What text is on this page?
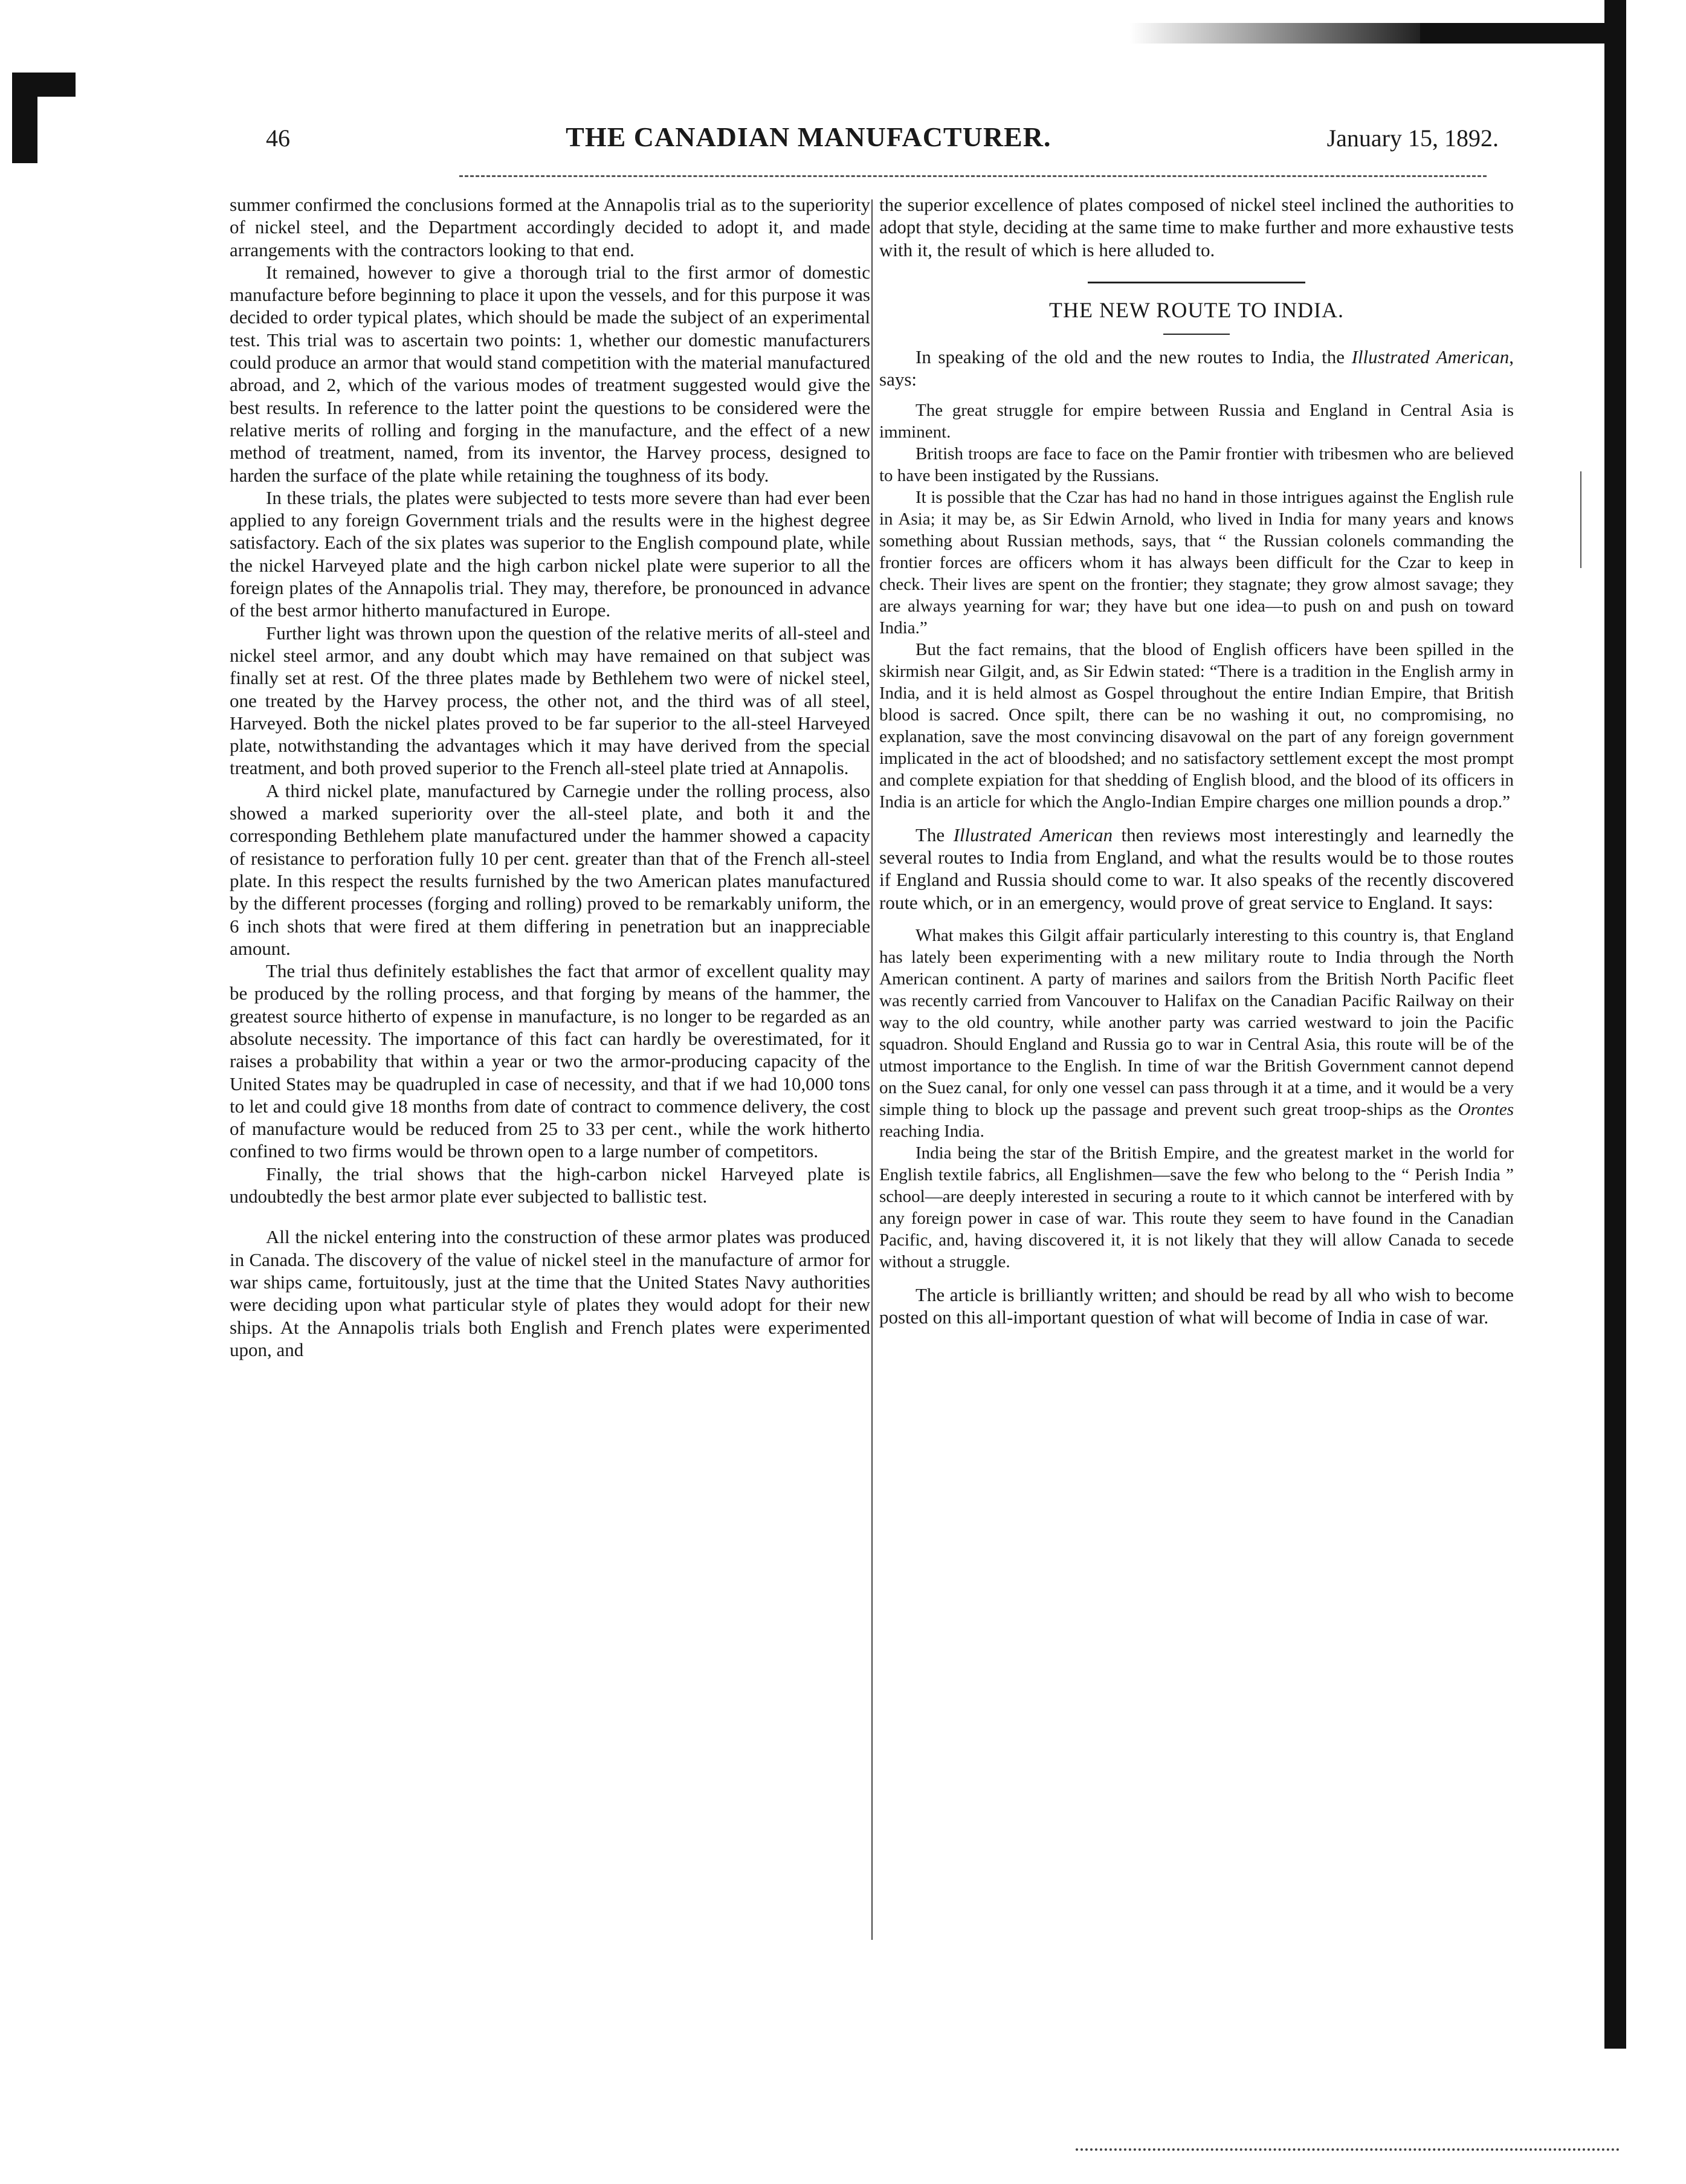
46	THE CANADIAN MANUFACTURER.	January 15, 1892.

summer confirmed the conclusions formed at the Annapolis trial as to the superiority of nickel steel, and the Department accordingly decided to adopt it, and made arrangements with the contractors looking to that end.

It remained, however to give a thorough trial to the first armor of domestic manufacture before beginning to place it upon the vessels, and for this purpose it was decided to order typical plates, which should be made the subject of an experimental test. This trial was to ascertain two points: 1, whether our domestic manufacturers could produce an armor that would stand competition with the material manufactured abroad, and 2, which of the various modes of treatment suggested would give the best results. In reference to the latter point the questions to be considered were the relative merits of rolling and forging in the manufacture, and the effect of a new method of treatment, named, from its inventor, the Harvey process, designed to harden the surface of the plate while retaining the toughness of its body.

In these trials, the plates were subjected to tests more severe than had ever been applied to any foreign Government trials and the results were in the highest degree satisfactory. Each of the six plates was superior to the English compound plate, while the nickel Harveyed plate and the high carbon nickel plate were superior to all the foreign plates of the Annapolis trial. They may, therefore, be pronounced in advance of the best armor hitherto manufactured in Europe.

Further light was thrown upon the question of the relative merits of all-steel and nickel steel armor, and any doubt which may have remained on that subject was finally set at rest. Of the three plates made by Bethlehem two were of nickel steel, one treated by the Harvey process, the other not, and the third was of all steel, Harveyed. Both the nickel plates proved to be far superior to the all-steel Harveyed plate, notwithstanding the advantages which it may have derived from the special treatment, and both proved superior to the French all-steel plate tried at Annapolis.

A third nickel plate, manufactured by Carnegie under the rolling process, also showed a marked superiority over the all-steel plate, and both it and the corresponding Bethlehem plate manufactured under the hammer showed a capacity of resistance to perforation fully 10 per cent. greater than that of the French all-steel plate. In this respect the results furnished by the two American plates manufactured by the different processes (forging and rolling) proved to be remarkably uniform, the 6 inch shots that were fired at them differing in penetration but an inappreciable amount.

The trial thus definitely establishes the fact that armor of excellent quality may be produced by the rolling process, and that forging by means of the hammer, the greatest source hitherto of expense in manufacture, is no longer to be regarded as an absolute necessity. The importance of this fact can hardly be overestimated, for it raises a probability that within a year or two the armor-producing capacity of the United States may be quadrupled in case of necessity, and that if we had 10,000 tons to let and could give 18 months from date of contract to commence delivery, the cost of manufacture would be reduced from 25 to 33 per cent., while the work hitherto confined to two firms would be thrown open to a large number of competitors.

Finally, the trial shows that the high-carbon nickel Harveyed plate is undoubtedly the best armor plate ever subjected to ballistic test.

All the nickel entering into the construction of these armor plates was produced in Canada. The discovery of the value of nickel steel in the manufacture of armor for war ships came, fortuitously, just at the time that the United States Navy authorities were deciding upon what particular style of plates they would adopt for their new ships. At the Annapolis trials both English and French plates were experimented upon, and

the superior excellence of plates composed of nickel steel inclined the authorities to adopt that style, deciding at the same time to make further and more exhaustive tests with it, the result of which is here alluded to.

THE NEW ROUTE TO INDIA.

In speaking of the old and the new routes to India, the Illustrated American, says:

The great struggle for empire between Russia and England in Central Asia is imminent.

British troops are face to face on the Pamir frontier with tribesmen who are believed to have been instigated by the Russians.

It is possible that the Czar has had no hand in those intrigues against the English rule in Asia; it may be, as Sir Edwin Arnold, who lived in India for many years and knows something about Russian methods, says, that “ the Russian colonels commanding the frontier forces are officers whom it has always been difficult for the Czar to keep in check. Their lives are spent on the frontier; they stagnate; they grow almost savage; they are always yearning for war; they have but one idea—to push on and push on toward India.”

But the fact remains, that the blood of English officers have been spilled in the skirmish near Gilgit, and, as Sir Edwin stated: “There is a tradition in the English army in India, and it is held almost as Gospel throughout the entire Indian Empire, that British blood is sacred. Once spilt, there can be no washing it out, no compromising, no explanation, save the most convincing disavowal on the part of any foreign government implicated in the act of bloodshed; and no satisfactory settlement except the most prompt and complete expiation for that shedding of English blood, and the blood of its officers in India is an article for which the Anglo-Indian Empire charges one million pounds a drop.”

The Illustrated American then reviews most interestingly and learnedly the several routes to India from England, and what the results would be to those routes if England and Russia should come to war. It also speaks of the recently discovered route which, or in an emergency, would prove of great service to England. It says:

What makes this Gilgit affair particularly interesting to this country is, that England has lately been experimenting with a new military route to India through the North American continent. A party of marines and sailors from the British North Pacific fleet was recently carried from Vancouver to Halifax on the Canadian Pacific Railway on their way to the old country, while another party was carried westward to join the Pacific squadron. Should England and Russia go to war in Central Asia, this route will be of the utmost importance to the English. In time of war the British Government cannot depend on the Suez canal, for only one vessel can pass through it at a time, and it would be a very simple thing to block up the passage and prevent such great troop-ships as the Orontes reaching India.

India being the star of the British Empire, and the greatest market in the world for English textile fabrics, all Englishmen—save the few who belong to the “ Perish India ” school—are deeply interested in securing a route to it which cannot be interfered with by any foreign power in case of war. This route they seem to have found in the Canadian Pacific, and, having discovered it, it is not likely that they will allow Canada to secede without a struggle.

The article is brilliantly written; and should be read by all who wish to become posted on this all-important question of what will become of India in case of war.
